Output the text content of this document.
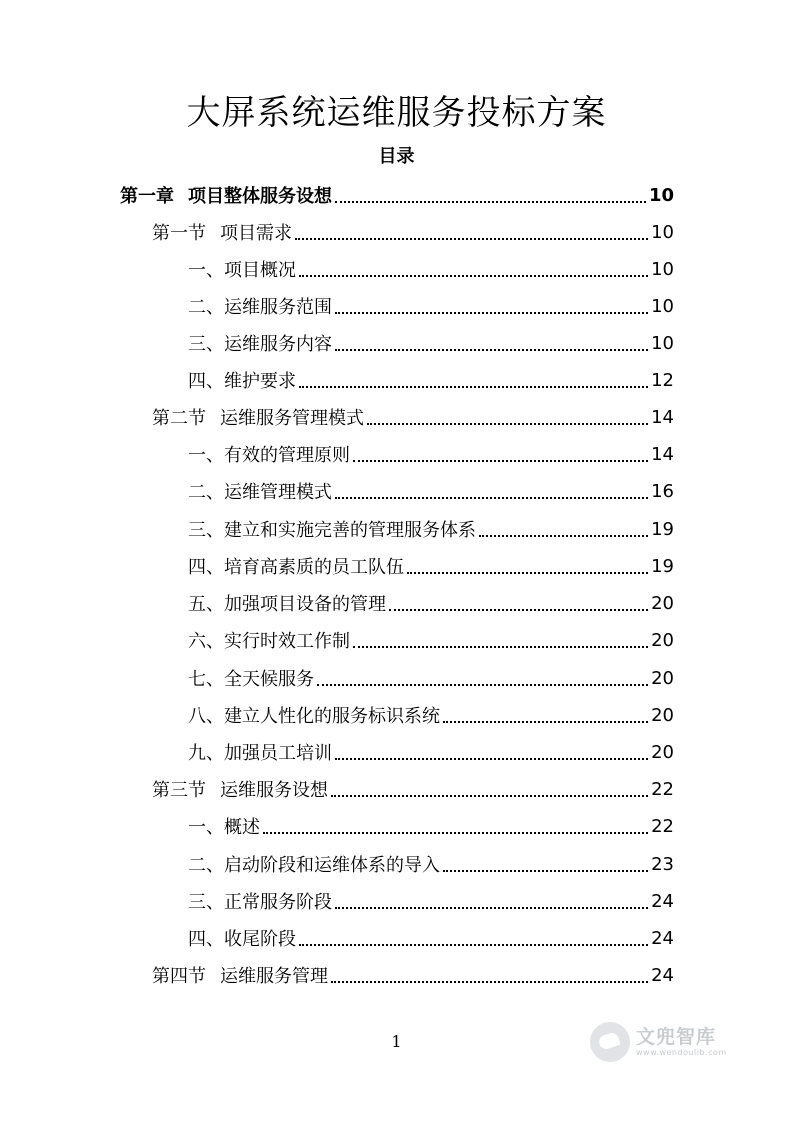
大屏系统运维服务投标方案
目录
第一章 项目整体服务设想	10
第一节 项目需求	10
一、 项目概况	10
二、 运维服务范围	10
三、 运维服务内容	10
四、 维护要求	12
第二节 运维服务管理模式	14
一、 有效的管理原则	14
二、 运维管理模式	16
三、 建立和实施完善的管理服务体系	19
四、 培育高素质的员工队伍	19
五、 加强项目设备的管理	20
六、 实行时效工作制	20
七、 全天候服务	20
八、 建立人性化的服务标识系统	20
九、 加强员工培训	20
第三节 运维服务设想	22
一、 概述	22
二、 启动阶段和运维体系的导入	23
三、 正常服务阶段	24
四、 收尾阶段	24
第四节 运维服务管理	24
1	文兜智库
www.wendoulib.com
